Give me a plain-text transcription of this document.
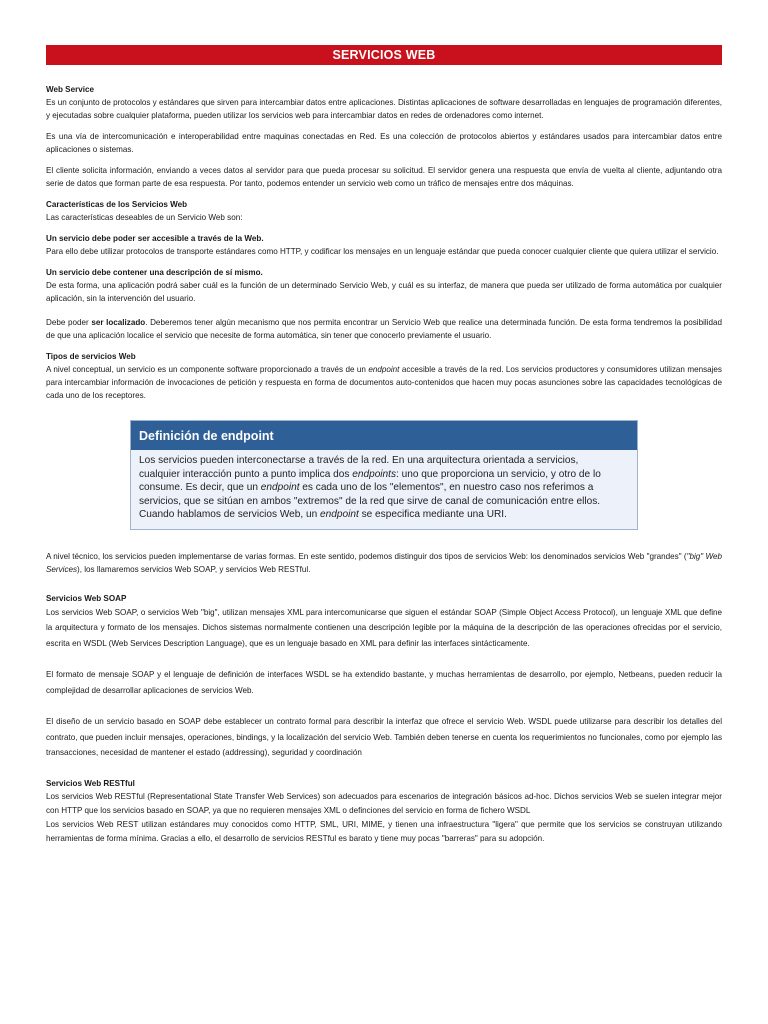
SERVICIOS WEB

Web Service

Es un conjunto de protocolos y estándares que sirven para intercambiar datos entre aplicaciones. Distintas aplicaciones de software desarrolladas en lenguajes de programación diferentes, y ejecutadas sobre cualquier plataforma, pueden utilizar los servicios web para intercambiar datos en redes de ordenadores como internet.

Es una vía de intercomunicación e interoperabilidad entre maquinas conectadas en Red. Es una colección de protocolos abiertos y estándares usados para intercambiar datos entre aplicaciones o sistemas.

El cliente solicita información, enviando a veces datos al servidor para que pueda procesar su solicitud. El servidor genera una respuesta que envía de vuelta al cliente, adjuntando otra serie de datos que forman parte de esa respuesta. Por tanto, podemos entender un servicio web como un tráfico de mensajes entre dos máquinas.

Características de los Servicios Web

Las características deseables de un Servicio Web son:

Un servicio debe poder ser accesible a través de la Web.

Para ello debe utilizar protocolos de transporte estándares como HTTP, y codificar los mensajes en un lenguaje estándar que pueda conocer cualquier cliente que quiera utilizar el servicio.

Un servicio debe contener una descripción de sí mismo.

De esta forma, una aplicación podrá saber cuál es la función de un determinado Servicio Web, y cuál es su interfaz, de manera que pueda ser utilizado de forma automática por cualquier aplicación, sin la intervención del usuario.

Debe poder ser localizado. Deberemos tener algún mecanismo que nos permita encontrar un Servicio Web que realice una determinada función. De esta forma tendremos la posibilidad de que una aplicación localice el servicio que necesite de forma automática, sin tener que conocerlo previamente el usuario.

Tipos de servicios Web

A nivel conceptual, un servicio es un componente software proporcionado a través de un endpoint accesible a través de la red. Los servicios productores y consumidores utilizan mensajes para intercambiar información de invocaciones de petición y respuesta en forma de documentos auto-contenidos que hacen muy pocas asunciones sobre las capacidades tecnológicas de cada uno de los receptores.

Definición de endpoint
Los servicios pueden interconectarse a través de la red. En una arquitectura orientada a servicios,
cualquier interacción punto a punto implica dos endpoints: uno que proporciona un servicio, y otro de lo
consume. Es decir, que un endpoint es cada uno de los "elementos", en nuestro caso nos referimos a
servicios, que se sitúan en ambos "extremos" de la red que sirve de canal de comunicación entre ellos.
Cuando hablamos de servicios Web, un endpoint se especifica mediante una URI.

A nivel técnico, los servicios pueden implementarse de varias formas. En este sentido, podemos distinguir dos tipos de servicios Web: los denominados servicios Web "grandes" ("big" Web Services), los llamaremos servicios Web SOAP, y servicios Web RESTful.

Servicios Web SOAP

Los servicios Web SOAP, o servicios Web "big", utilizan mensajes XML para intercomunicarse que siguen el estándar SOAP (Simple Object Access Protocol), un lenguaje XML que define la arquitectura y formato de los mensajes. Dichos sistemas normalmente contienen una descripción legible por la máquina de la descripción de las operaciones ofrecidas por el servicio, escrita en WSDL (Web Services Description Language), que es un lenguaje basado en XML para definir las interfaces sintácticamente.

El formato de mensaje SOAP y el lenguaje de definición de interfaces WSDL se ha extendido bastante, y muchas herramientas de desarrollo, por ejemplo, Netbeans, pueden reducir la complejidad de desarrollar aplicaciones de servicios Web.

El diseño de un servicio basado en SOAP debe establecer un contrato formal para describir la interfaz que ofrece el servicio Web. WSDL puede utilizarse para describir los detalles del contrato, que pueden incluir mensajes, operaciones, bindings, y la localización del servicio Web. También deben tenerse en cuenta los requerimientos no funcionales, como por ejemplo las transacciones, necesidad de mantener el estado (addressing), seguridad y coordinación

Servicios Web RESTful

Los servicios Web RESTful (Representational State Transfer Web Services) son adecuados para escenarios de integración básicos ad-hoc. Dichos servicios Web se suelen integrar mejor con HTTP que los servicios basado en SOAP, ya que no requieren mensajes XML o definciones del servicio en forma de fichero WSDL

Los servicios Web REST utilizan estándares muy conocidos como HTTP, SML, URI, MIME, y tienen una infraestructura "ligera" que permite que los servicios se construyan utilizando herramientas de forma mínima. Gracias a ello, el desarrollo de servicios RESTful es barato y tiene muy pocas "barreras" para su adopción.
